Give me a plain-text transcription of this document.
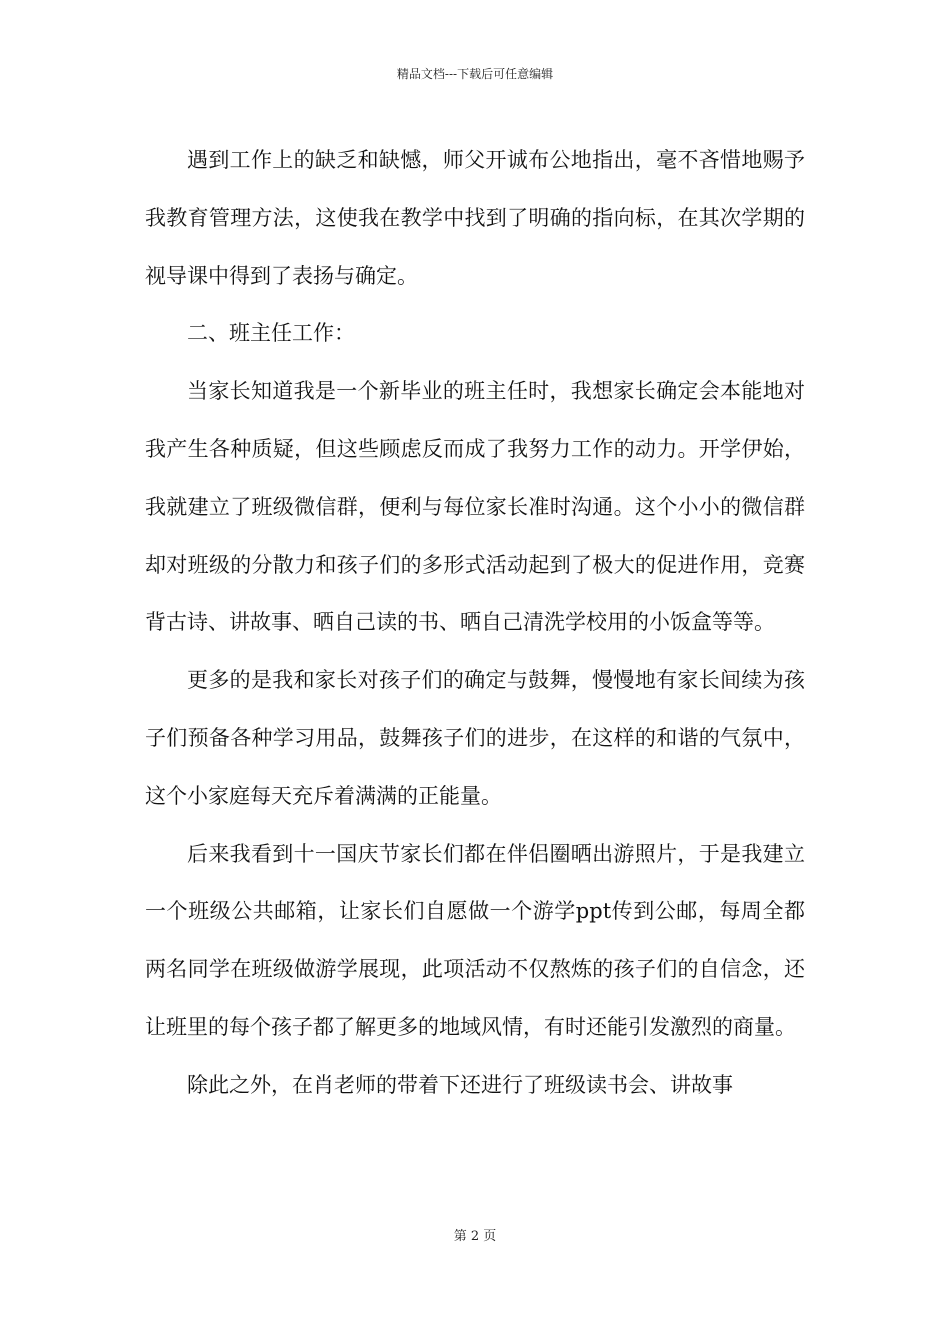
精品文档---下载后可任意编辑

遇到工作上的缺乏和缺憾，师父开诚布公地指出，毫不吝惜地赐予我教育管理方法，这使我在教学中找到了明确的指向标，在其次学期的视导课中得到了表扬与确定。

二、班主任工作：

当家长知道我是一个新毕业的班主任时，我想家长确定会本能地对我产生各种质疑，但这些顾虑反而成了我努力工作的动力。开学伊始，我就建立了班级微信群，便利与每位家长准时沟通。这个小小的微信群却对班级的分散力和孩子们的多形式活动起到了极大的促进作用，竞赛背古诗、讲故事、晒自己读的书、晒自己清洗学校用的小饭盒等等。

更多的是我和家长对孩子们的确定与鼓舞，慢慢地有家长间续为孩子们预备各种学习用品，鼓舞孩子们的进步，在这样的和谐的气氛中，这个小家庭每天充斥着满满的正能量。

后来我看到十一国庆节家长们都在伴侣圈晒出游照片，于是我建立一个班级公共邮箱，让家长们自愿做一个游学ppt传到公邮，每周全都两名同学在班级做游学展现，此项活动不仅熬炼的孩子们的自信念，还让班里的每个孩子都了解更多的地域风情，有时还能引发激烈的商量。

除此之外，在肖老师的带着下还进行了班级读书会、讲故事

第 2 页
